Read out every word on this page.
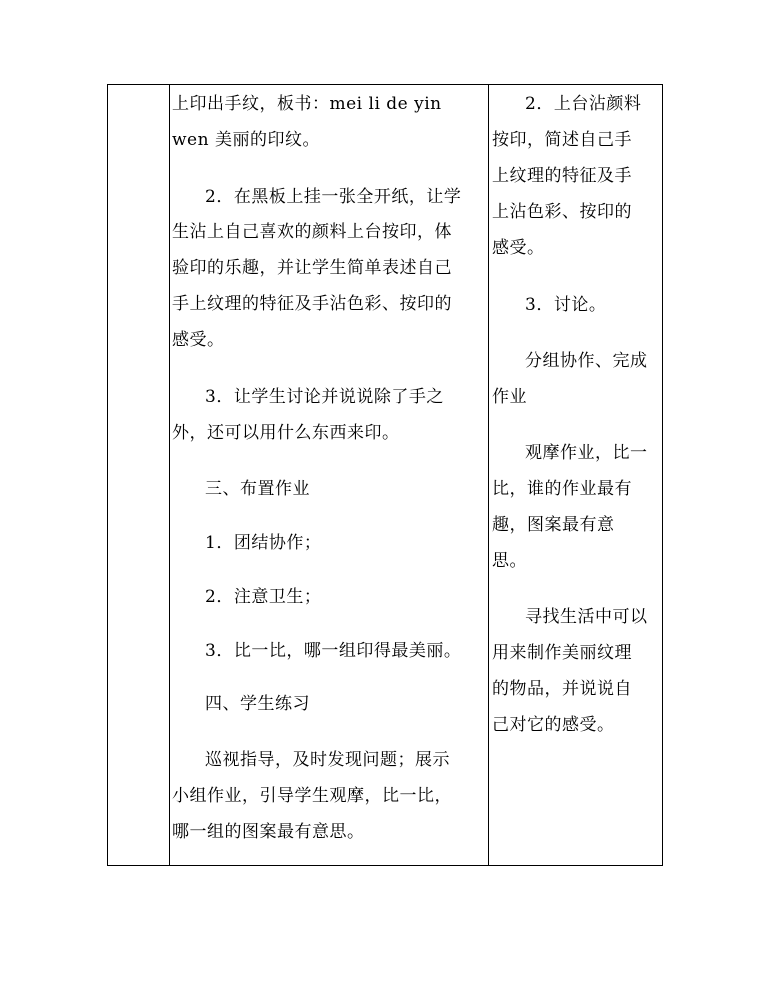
上印出手纹，板书：mei li de yin
wen 美丽的印纹。
　　2．在黑板上挂一张全开纸，让学
生沾上自己喜欢的颜料上台按印，体
验印的乐趣，并让学生简单表述自己
手上纹理的特征及手沾色彩、按印的
感受。
　　3．让学生讨论并说说除了手之
外，还可以用什么东西来印。
　　三、布置作业
　　1．团结协作；
　　2．注意卫生；
　　3．比一比，哪一组印得最美丽。
　　四、学生练习
　　巡视指导，及时发现问题；展示
小组作业，引导学生观摩，比一比，
哪一组的图案最有意思。
　　2．上台沾颜料
按印，简述自己手
上纹理的特征及手
上沾色彩、按印的
感受。
　　3．讨论。
　　分组协作、完成
作业
　　观摩作业，比一
比，谁的作业最有
趣，图案最有意
思。
　　寻找生活中可以
用来制作美丽纹理
的物品，并说说自
己对它的感受。
